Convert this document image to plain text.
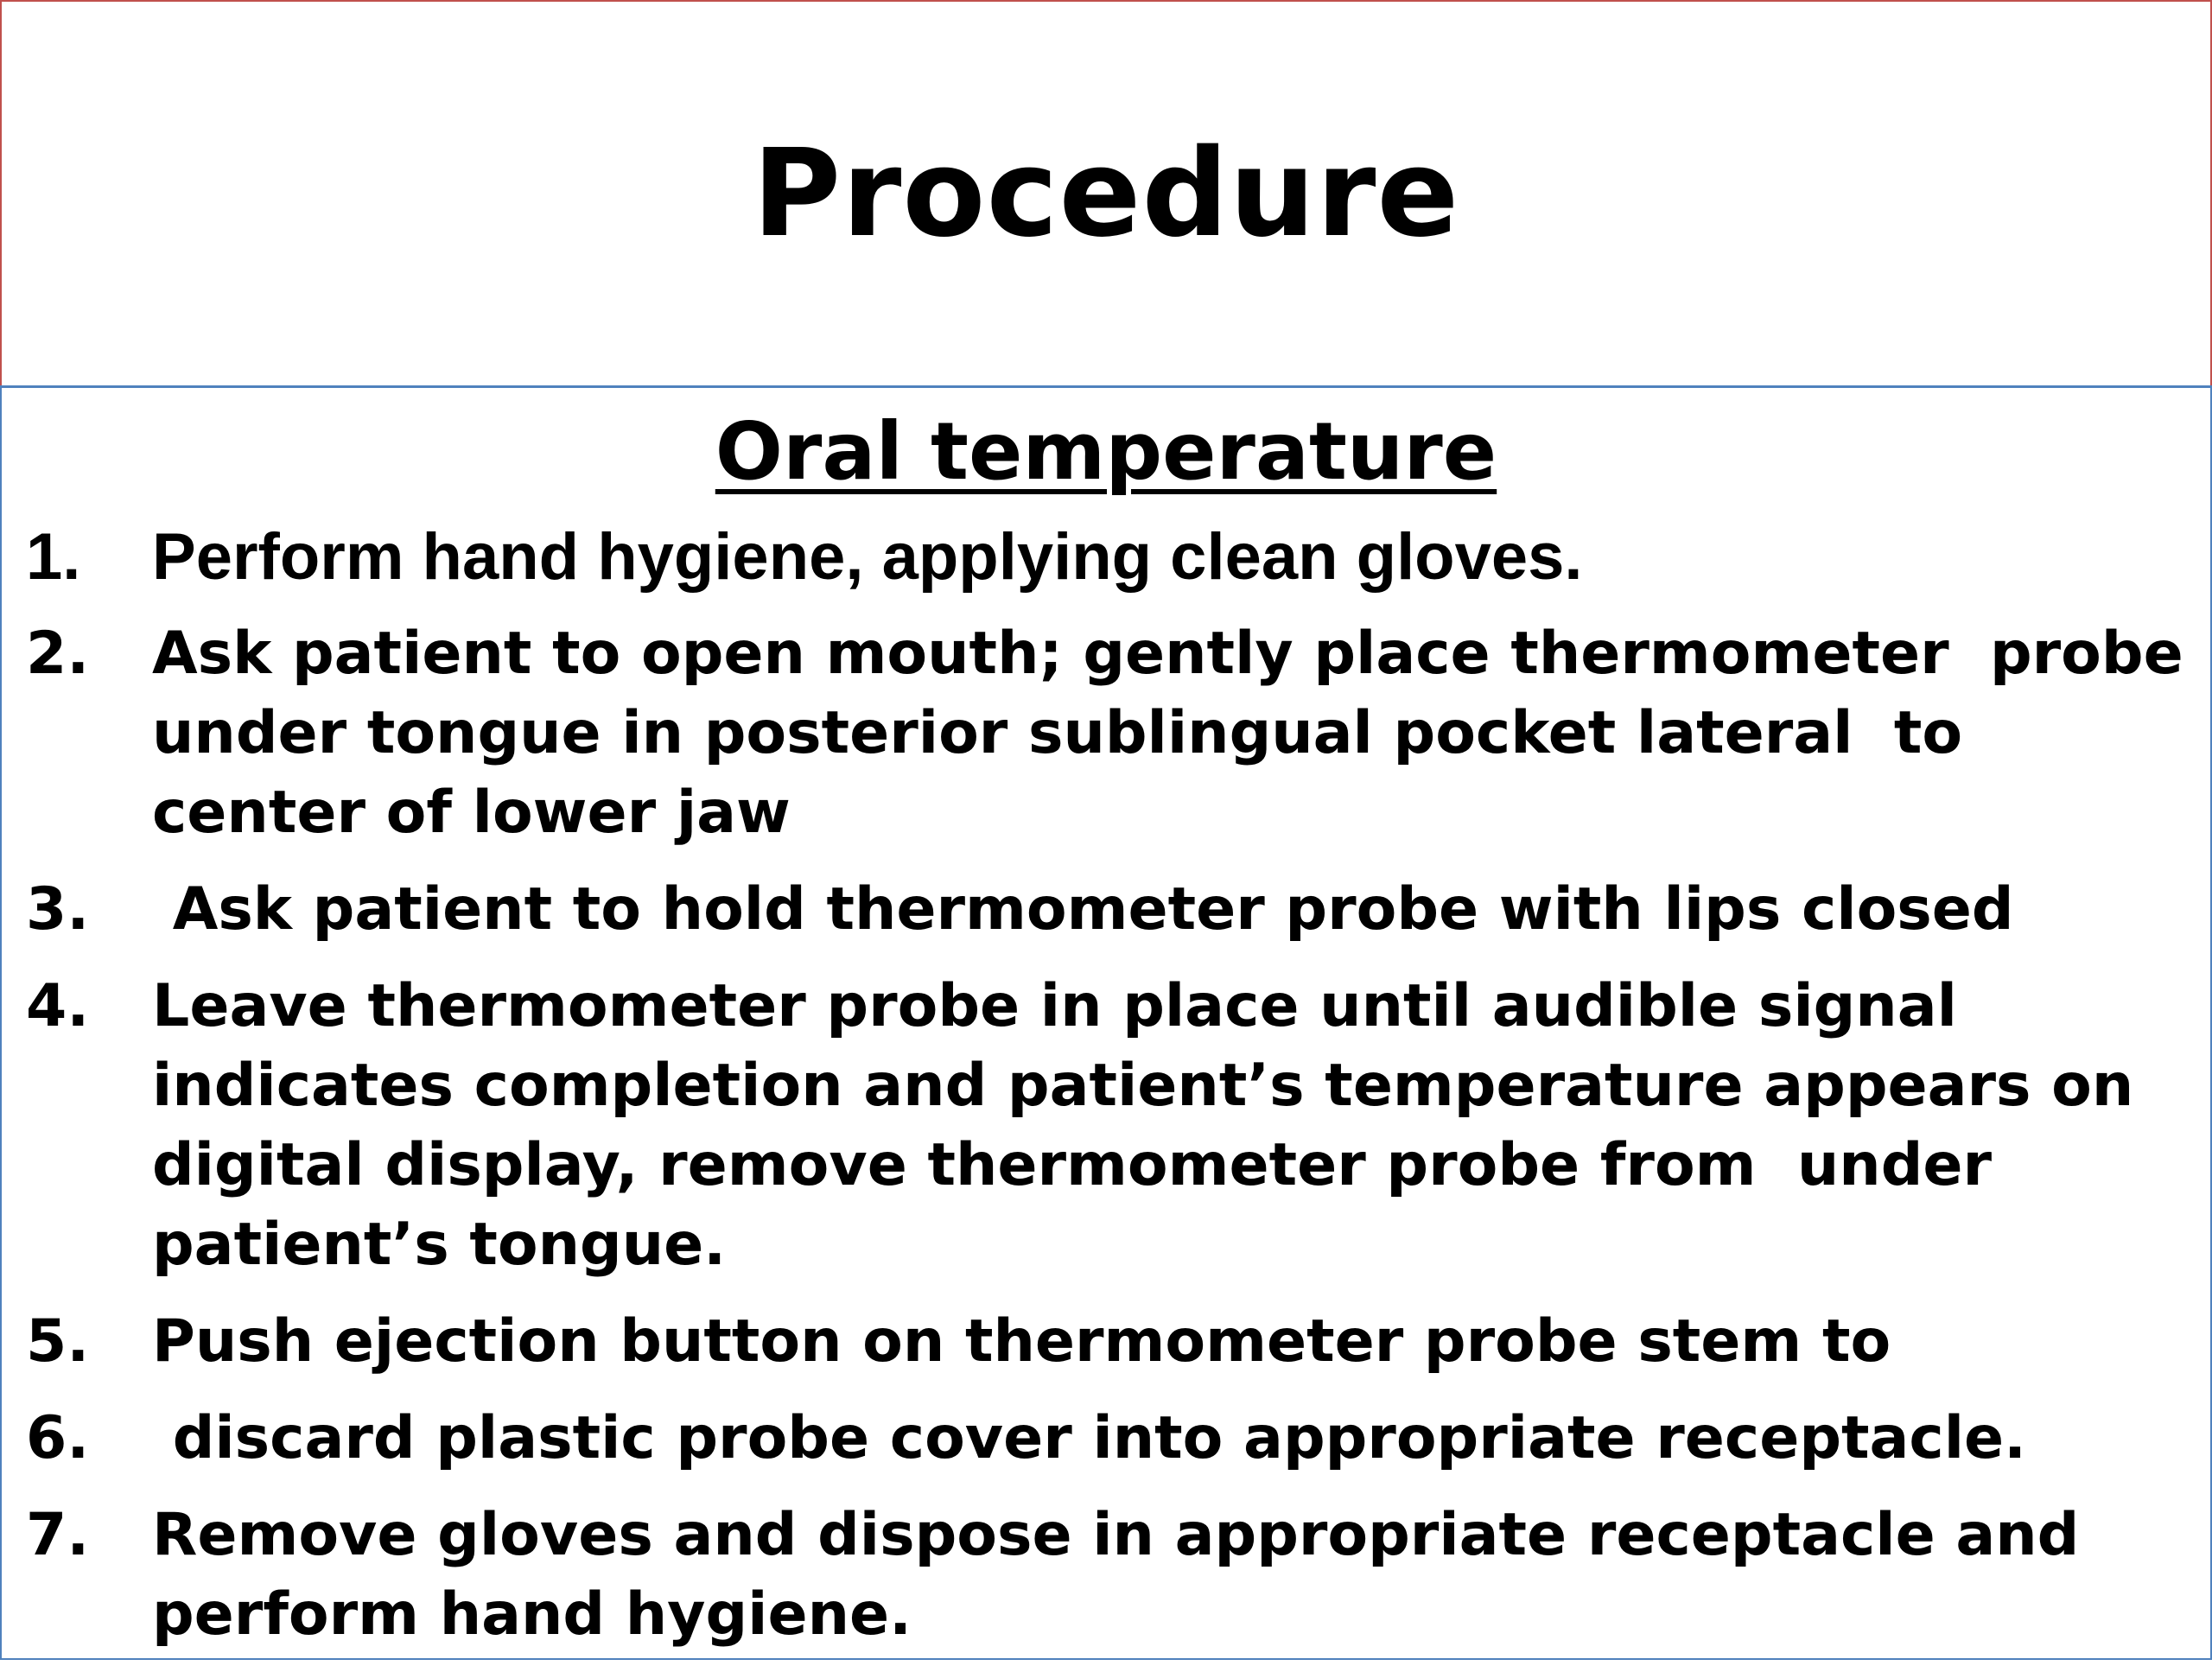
Procedure
Oral temperature
1.	Perform hand hygiene, applying clean gloves.
2.	Ask patient to open mouth; gently place thermometer  probe under tongue in posterior sublingual pocket lateral  to center of lower jaw
3.	Ask patient to hold thermometer probe with lips closed
4.	Leave thermometer probe in place until audible signal indicates completion and patient’s temperature appears on digital display, remove thermometer probe from  under patient’s tongue.
5.	Push ejection button on thermometer probe stem to
6.	discard plastic probe cover into appropriate receptacle.
7.	Remove gloves and dispose in appropriate receptacle and perform hand hygiene.
